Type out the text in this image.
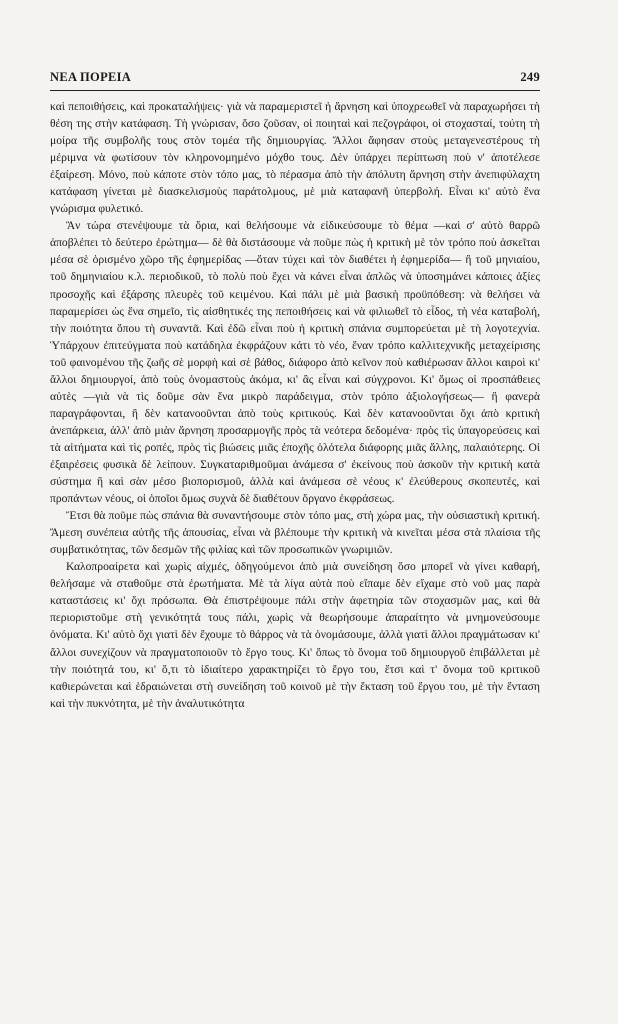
ΝΕΑ ΠΟΡΕΙΑ	249

καὶ πεποιθήσεις, καὶ προκαταλήψεις· γιὰ νὰ παραμεριστεῖ ἡ ἄρνηση καὶ ὑποχρεωθεῖ νὰ παραχωρήσει τὴ θέση της στὴν κατάφαση. Τὴ γνώρισαν, ὅσο ζοῦσαν, οἱ ποιηταὶ καὶ πεζογράφοι, οἱ στοχασταί, τούτη τὴ μοίρα τῆς συμβολῆς τους στὸν τομέα τῆς δημιουργίας. Ἄλλοι ἄφησαν στοὺς μεταγενεστέρους τὴ μέριμνα νὰ φωτίσουν τὸν κληρονομημένο μόχθο τους. Δὲν ὑπάρχει περίπτωση ποὺ ν' ἀποτέλεσε ἐξαίρεση. Μόνο, ποὺ κάποτε στὸν τόπο μας, τὸ πέρασμα ἀπὸ τὴν ἀπόλυτη ἄρνηση στὴν ἀνεπιφύλαχτη κατάφαση γίνεται μὲ διασκελισμοὺς παράτολμους, μὲ μιὰ καταφανῆ ὑπερβολή. Εἶναι κι' αὐτὸ ἕνα γνώρισμα φυλετικό.

Ἂν τώρα στενέψουμε τὰ ὅρια, καὶ θελήσουμε νὰ εἰδικεύσουμε τὸ θέμα —καὶ σ' αὐτὸ θαρρῶ ἀποβλέπει τὸ δεύτερο ἐρώτημα— δὲ θὰ διστάσουμε νὰ ποῦμε πὼς ἡ κριτικὴ μὲ τὸν τρόπο ποὺ ἀσκεῖται μέσα σὲ ὁρισμένο χῶρο τῆς ἐφημερίδας —ὅταν τύχει καὶ τὸν διαθέτει ἡ ἐφημερίδα— ἢ τοῦ μηνιαίου, τοῦ δημηνιαίου κ.λ. περιοδικοῦ, τὸ πολὺ ποὺ ἔχει νὰ κάνει εἶναι ἁπλῶς νὰ ὑποσημάνει κάποιες ἀξίες προσοχῆς καὶ ἐξάρσης πλευρὲς τοῦ κειμένου. Καὶ πάλι μὲ μιὰ βασικὴ προϋπόθεση: νὰ θελήσει νὰ παραμερίσει ὡς ἕνα σημεῖο, τὶς αἰσθητικές της πεποιθήσεις καὶ νὰ φιλιωθεῖ τὸ εἶδος, τὴ νέα καταβολή, τὴν ποιότητα ὅπου τὴ συναντᾶ. Καὶ ἐδῶ εἶναι ποὺ ἡ κριτικὴ σπάνια συμπορεύεται μὲ τὴ λογοτεχνία. Ὑπάρχουν ἐπιτεύγματα ποὺ κατάδηλα ἐκφράζουν κάτι τὸ νέο, ἕναν τρόπο καλλιτεχνικῆς μεταχείρισης τοῦ φαινομένου τῆς ζωῆς σὲ μορφὴ καὶ σὲ βάθος, διάφορο ἀπὸ κεῖνον ποὺ καθιέρωσαν ἄλλοι καιροὶ κι' ἄλλοι δημιουργοί, ἀπὸ τοὺς ὀνομαστοὺς ἀκόμα, κι' ἂς εἶναι καὶ σύγχρονοι. Κι' ὅμως οἱ προσπάθειες αὐτὲς —γιὰ νὰ τὶς δοῦμε σὰν ἕνα μικρὸ παράδειγμα, στὸν τρόπο ἀξιολογήσεως— ἢ φανερὰ παραγράφονται, ἢ δὲν κατανοοῦνται ἀπὸ τοὺς κριτικούς. Καὶ δὲν κατανοοῦνται ὄχι ἀπὸ κριτικὴ ἀνεπάρκεια, ἀλλ' ἀπὸ μιὰν ἄρνηση προσαρμογῆς πρὸς τὰ νεότερα δεδομένα· πρὸς τὶς ὑπαγορεύσεις καὶ τὰ αἰτήματα καὶ τὶς ροπές, πρὸς τὶς βιώσεις μιᾶς ἐποχῆς ὁλότελα διάφορης μιᾶς ἄλλης, παλαιότερης. Οἱ ἐξαιρέσεις φυσικὰ δὲ λείπουν. Συγκαταριθμοῦμαι ἀνάμεσα σ' ἐκείνους ποὺ ἀσκοῦν τὴν κριτικὴ κατὰ σύστημα ἢ καὶ σὰν μέσο βιοπορισμοῦ, ἀλλὰ καὶ ἀνάμεσα σὲ νέους κ' ἐλεύθερους σκοπευτές, καὶ προπάντων νέους, οἱ ὁποῖοι ὅμως συχνὰ δὲ διαθέτουν ὄργανο ἐκφράσεως.

Ἔτσι θὰ ποῦμε πὼς σπάνια θὰ συναντήσουμε στὸν τόπο μας, στὴ χώρα μας, τὴν οὐσιαστικὴ κριτική. Ἄμεση συνέπεια αὐτῆς τῆς ἀπουσίας, εἶναι νὰ βλέπουμε τὴν κριτικὴ νὰ κινεῖται μέσα στὰ πλαίσια τῆς συμβατικότητας, τῶν δεσμῶν τῆς φιλίας καὶ τῶν προσωπικῶν γνωριμιῶν.

Καλοπροαίρετα καὶ χωρὶς αἰχμές, ὁδηγούμενοι ἀπὸ μιὰ συνείδηση ὅσο μπορεῖ νὰ γίνει καθαρή, θελήσαμε νὰ σταθοῦμε στὰ ἐρωτήματα. Μὲ τὰ λίγα αὐτὰ ποὺ εἴπαμε δὲν εἴχαμε στὸ νοῦ μας παρὰ καταστάσεις κι' ὄχι πρόσωπα. Θὰ ἐπιστρέψουμε πάλι στὴν ἀφετηρία τῶν στοχασμῶν μας, καὶ θὰ περιοριστοῦμε στὴ γενικότητά τους πάλι, χωρὶς νὰ θεωρήσουμε ἀπαραίτητο νὰ μνημονεύσουμε ὀνόματα. Κι' αὐτὸ ὄχι γιατὶ δὲν ἔχουμε τὸ θάρρος νὰ τὰ ὀνομάσουμε, ἀλλὰ γιατὶ ἄλλοι πραγμάτωσαν κι' ἄλλοι συνεχίζουν νὰ πραγματοποιοῦν τὸ ἔργο τους. Κι' ὅπως τὸ ὄνομα τοῦ δημιουργοῦ ἐπιβάλλεται μὲ τὴν ποιότητά του, κι' ὅ,τι τὸ ἰδιαίτερο χαρακτηρίζει τὸ ἔργο του, ἔτσι καὶ τ' ὄνομα τοῦ κριτικοῦ καθιερώνεται καὶ ἑδραιώνεται στὴ συνείδηση τοῦ κοινοῦ μὲ τὴν ἔκταση τοῦ ἔργου του, μὲ τὴν ἔνταση καὶ τὴν πυκνότητα, μὲ τὴν ἀναλυτικότητα
